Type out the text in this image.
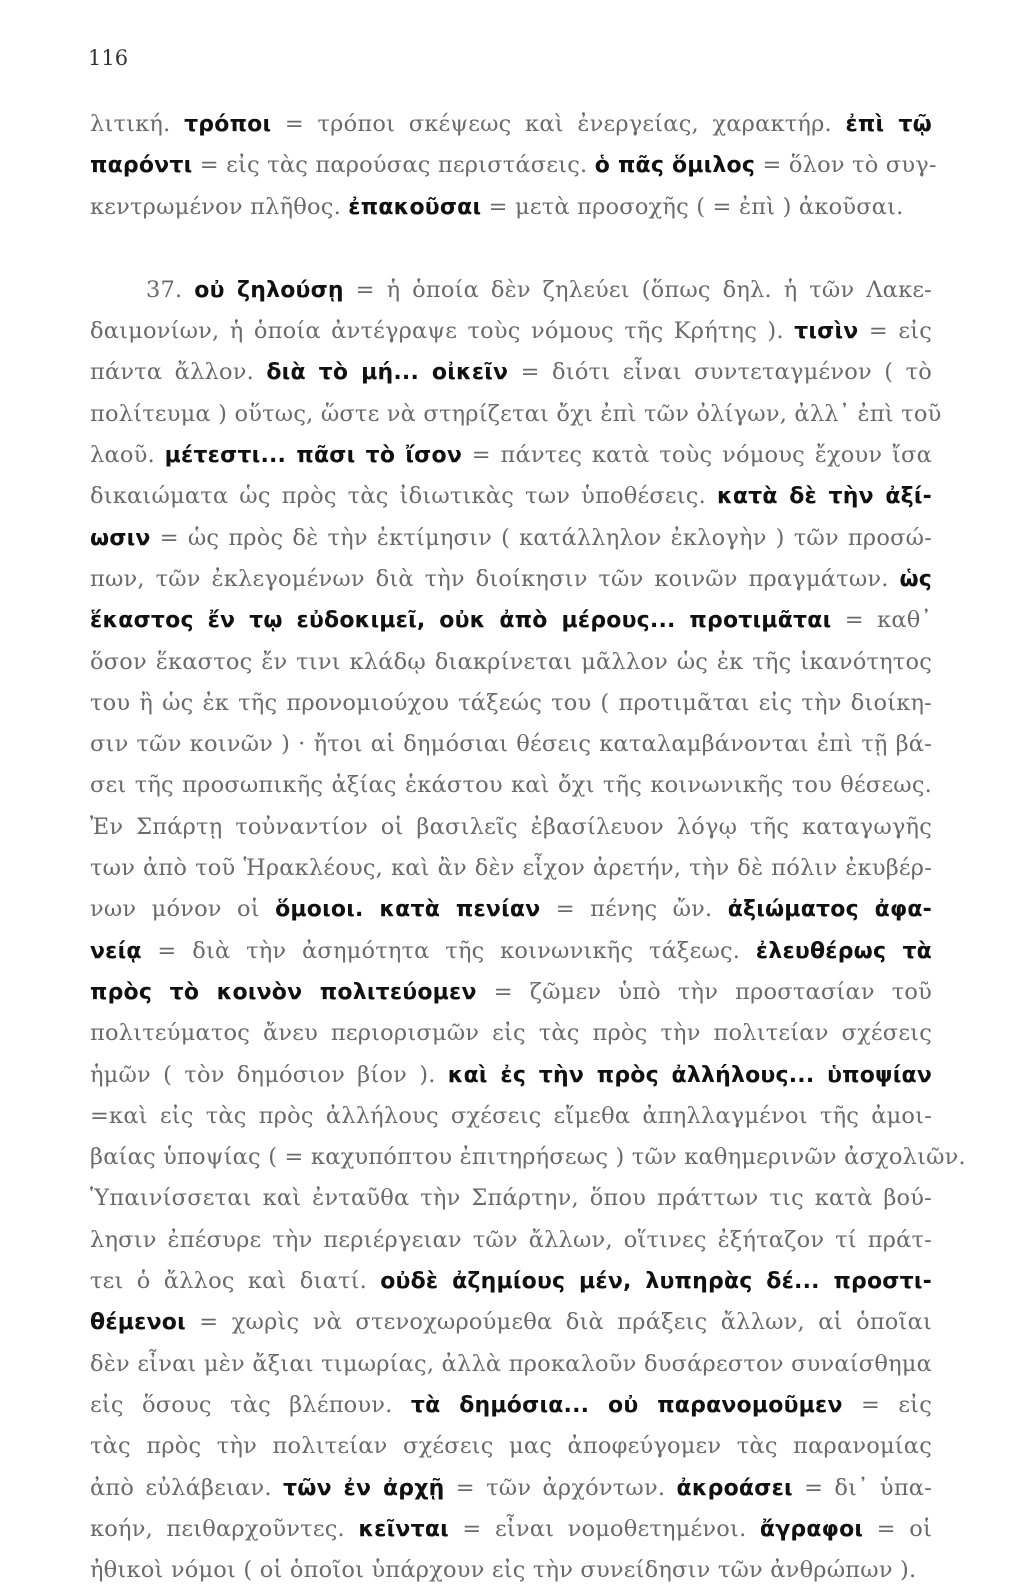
116
λιτική. τρόποι = τρόποι σκέψεως καὶ ἐνεργείας, χαρακτήρ. ἐπὶ τῷ
παρόντι = εἰς τὰς παρούσας περιστάσεις. ὁ πᾶς ὅμιλος = ὅλον τὸ συγ-
κεντρωμένον πλῆθος. ἐπακοῦσαι = μετὰ προσοχῆς ( = ἐπὶ ) ἀκοῦσαι.
37. οὐ ζηλούσῃ = ἡ ὁποία δὲν ζηλεύει (ὅπως δηλ. ἡ τῶν Λακε-
δαιμονίων, ἡ ὁποία ἀντέγραψε τοὺς νόμους τῆς Κρήτης ). τισὶν = εἰς
πάντα ἄλλον. διὰ τὸ μή... οἰκεῖν = διότι εἶναι συντεταγμένον ( τὸ
πολίτευμα ) οὕτως, ὥστε νὰ στηρίζεται ὄχι ἐπὶ τῶν ὀλίγων, ἀλλ᾽ ἐπὶ τοῦ
λαοῦ. μέτεστι... πᾶσι τὸ ἴσον = πάντες κατὰ τοὺς νόμους ἔχουν ἴσα
δικαιώματα ὡς πρὸς τὰς ἰδιωτικὰς των ὑποθέσεις. κατὰ δὲ τὴν ἀξί-
ωσιν = ὡς πρὸς δὲ τὴν ἐκτίμησιν ( κατάλληλον ἐκλογὴν ) τῶν προσώ-
πων, τῶν ἐκλεγομένων διὰ τὴν διοίκησιν τῶν κοινῶν πραγμάτων. ὡς
ἕκαστος ἔν τῳ εὐδοκιμεῖ, οὐκ ἀπὸ μέρους... προτιμᾶται = καθ᾽
ὅσον ἕκαστος ἔν τινι κλάδῳ διακρίνεται μᾶλλον ὡς ἐκ τῆς ἱκανότητος
του ἢ ὡς ἐκ τῆς προνομιούχου τάξεώς του ( προτιμᾶται εἰς τὴν διοίκη-
σιν τῶν κοινῶν ) · ἤτοι αἱ δημόσιαι θέσεις καταλαμβάνονται ἐπὶ τῇ βά-
σει τῆς προσωπικῆς ἀξίας ἑκάστου καὶ ὄχι τῆς κοινωνικῆς του θέσεως.
Ἐν Σπάρτῃ τοὐναντίον οἱ βασιλεῖς ἐβασίλευον λόγῳ τῆς καταγωγῆς
των ἀπὸ τοῦ Ἡρακλέους, καὶ ἂν δὲν εἶχον ἀρετήν, τὴν δὲ πόλιν ἐκυβέρ-
νων μόνον οἱ ὅμοιοι. κατὰ πενίαν = πένης ὤν. ἀξιώματος ἀφα-
νείᾳ = διὰ τὴν ἀσημότητα τῆς κοινωνικῆς τάξεως. ἐλευθέρως τὰ
πρὸς τὸ κοινὸν πολιτεύομεν = ζῶμεν ὑπὸ τὴν προστασίαν τοῦ
πολιτεύματος ἄνευ περιορισμῶν εἰς τὰς πρὸς τὴν πολιτείαν σχέσεις
ἡμῶν ( τὸν δημόσιον βίον ). καὶ ἐς τὴν πρὸς ἀλλήλους... ὑποψίαν
=καὶ εἰς τὰς πρὸς ἀλλήλους σχέσεις εἴμεθα ἀπηλλαγμένοι τῆς ἀμοι-
βαίας ὑποψίας ( = καχυπόπτου ἐπιτηρήσεως ) τῶν καθημερινῶν ἀσχολιῶν.
Ὑπαινίσσεται καὶ ἐνταῦθα τὴν Σπάρτην, ὅπου πράττων τις κατὰ βού-
λησιν ἐπέσυρε τὴν περιέργειαν τῶν ἄλλων, οἵτινες ἐξήταζον τί πράτ-
τει ὁ ἄλλος καὶ διατί. οὐδὲ ἀζημίους μέν, λυπηρὰς δέ... προστι-
θέμενοι = χωρὶς νὰ στενοχωρούμεθα διὰ πράξεις ἄλλων, αἱ ὁποῖαι
δὲν εἶναι μὲν ἄξιαι τιμωρίας, ἀλλὰ προκαλοῦν δυσάρεστον συναίσθημα
εἰς ὅσους τὰς βλέπουν. τὰ δημόσια... οὐ παρανομοῦμεν = εἰς
τὰς πρὸς τὴν πολιτείαν σχέσεις μας ἀποφεύγομεν τὰς παρανομίας
ἀπὸ εὐλάβειαν. τῶν ἐν ἀρχῇ = τῶν ἀρχόντων. ἀκροάσει = δι᾽ ὑπα-
κοήν, πειθαρχοῦντες. κεῖνται = εἶναι νομοθετημένοι. ἄγραφοι = οἱ
ἠθικοὶ νόμοι ( οἱ ὁποῖοι ὑπάρχουν εἰς τὴν συνείδησιν τῶν ἀνθρώπων ).
